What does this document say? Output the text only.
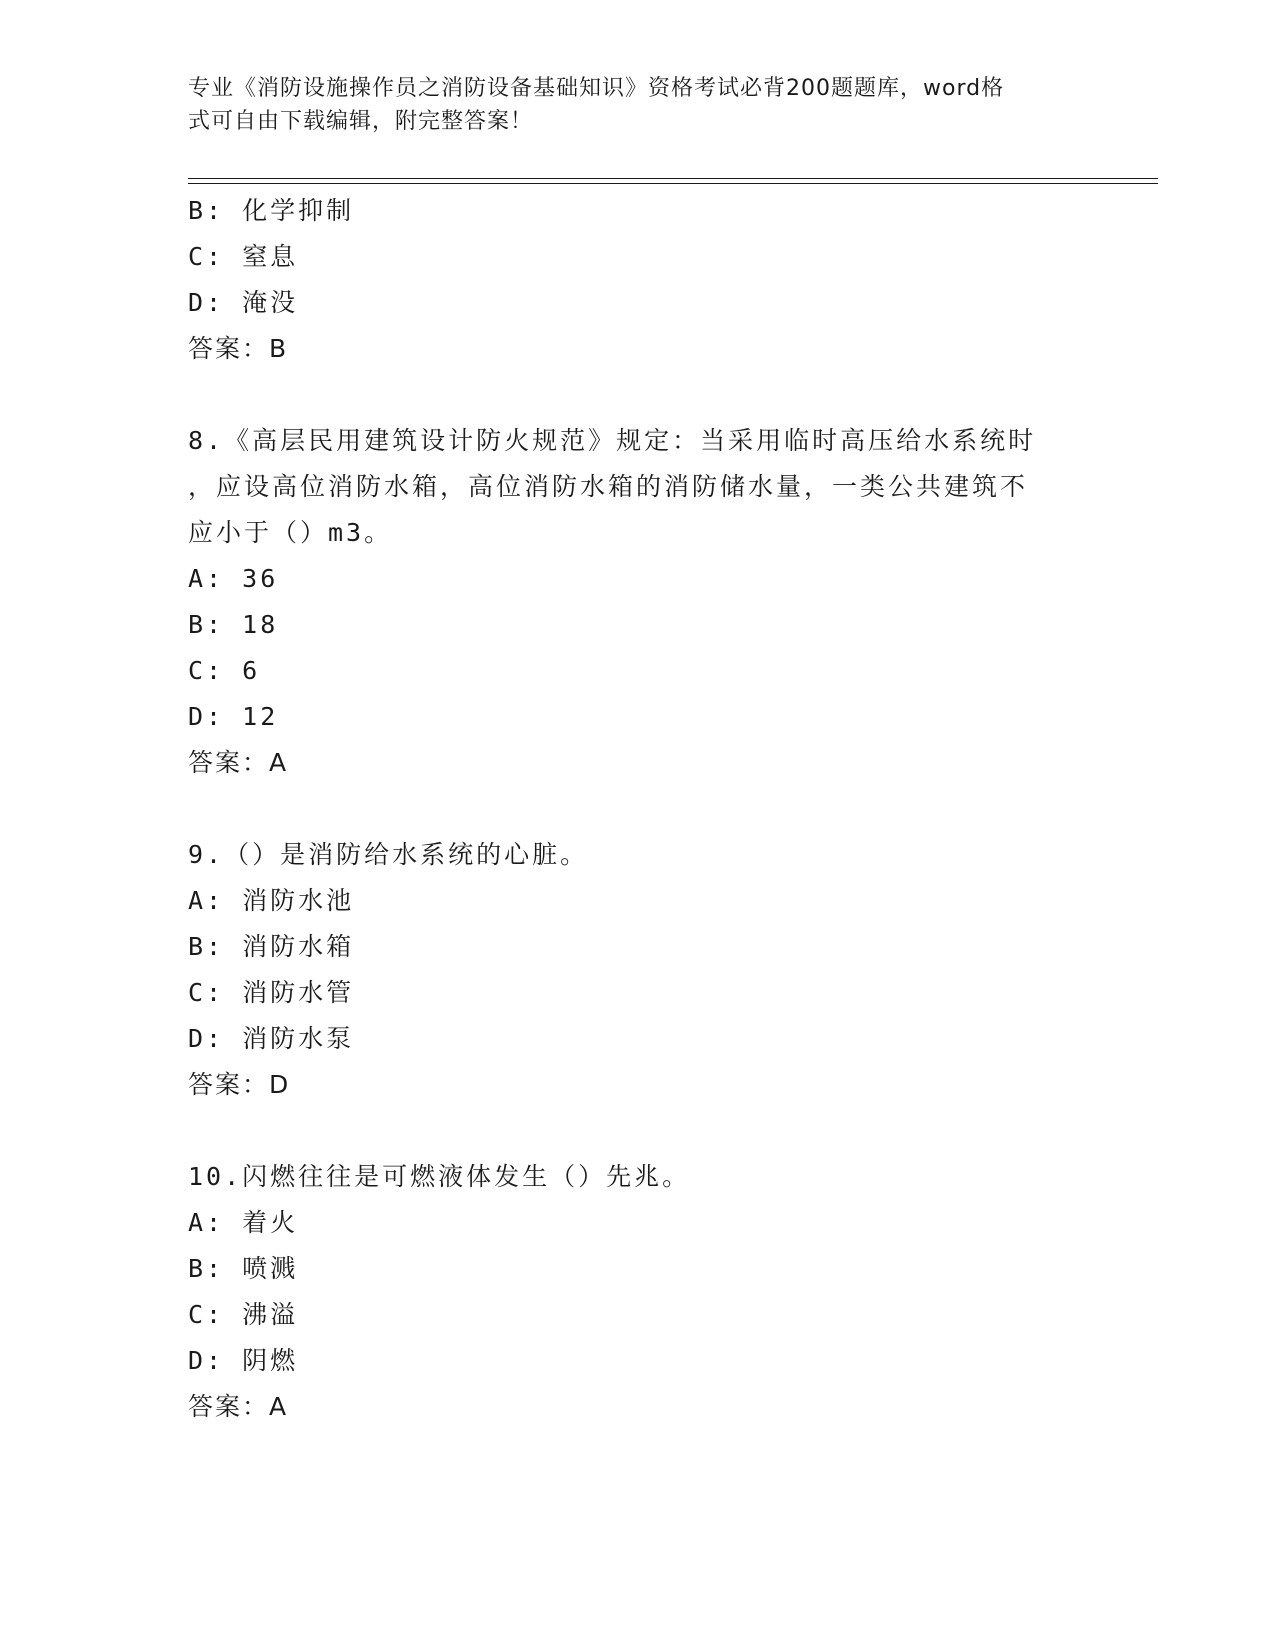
专业《消防设施操作员之消防设备基础知识》资格考试必背200题题库，word格
式可自由下载编辑，附完整答案！
B: 化学抑制
C: 窒息
D: 淹没
答案：B
8.《高层民用建筑设计防火规范》规定：当采用临时高压给水系统时
，应设高位消防水箱，高位消防水箱的消防储水量，一类公共建筑不
应小于（）m3。
A: 36
B: 18
C: 6
D: 12
答案：A
9.（）是消防给水系统的心脏。
A: 消防水池
B: 消防水箱
C: 消防水管
D: 消防水泵
答案：D
10.闪燃往往是可燃液体发生（）先兆。
A: 着火
B: 喷溅
C: 沸溢
D: 阴燃
答案：A
